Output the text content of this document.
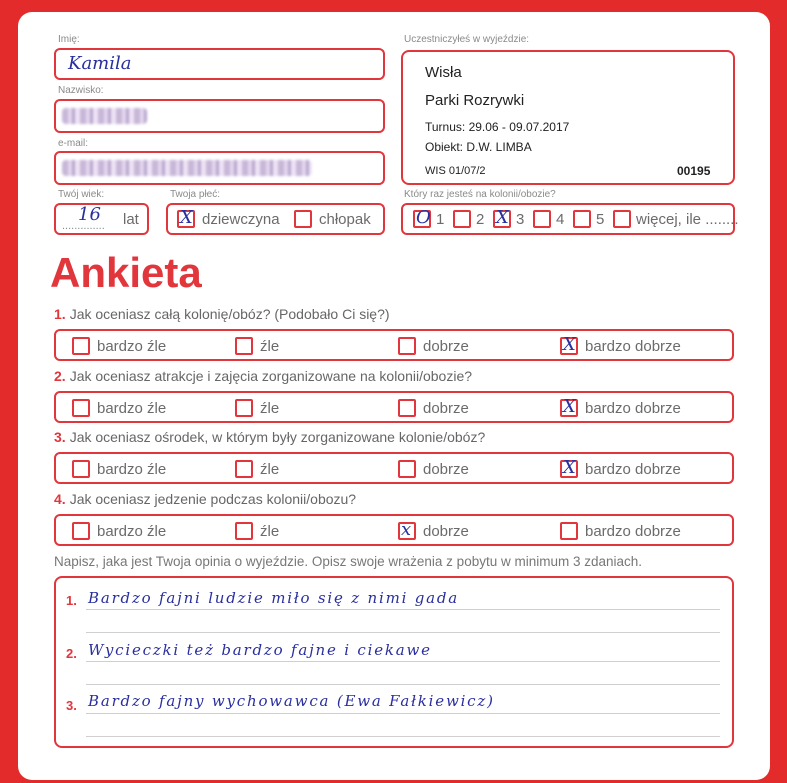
Imię:
Kamila
Nazwisko:
e-mail:
Twój wiek:
..............
16 lat
Twoja płeć:
X dziewczyna	chłopak
Uczestniczyłeś w wyjeździe:
Wisła
Parki Rozrywki
Turnus: 29.06 - 09.07.2017
Obiekt: D.W. LIMBA
WIS 01/07/2	00195
Który raz jesteś na kolonii/obozie?
O 1 2 X 3 4 5 więcej, ile ........
Ankieta
1. Jak oceniasz całą kolonię/obóz? (Podobało Ci się?)
bardzo źle	źle	dobrze	X bardzo dobrze
2. Jak oceniasz atrakcje i zajęcia zorganizowane na kolonii/obozie?
bardzo źle	źle	dobrze	X bardzo dobrze
3. Jak oceniasz ośrodek, w którym były zorganizowane kolonie/obóz?
bardzo źle	źle	dobrze	X bardzo dobrze
4. Jak oceniasz jedzenie podczas kolonii/obozu?
bardzo źle	źle	x dobrze	bardzo dobrze
Napisz, jaka jest Twoja opinia o wyjeździe. Opisz swoje wrażenia z pobytu w minimum 3 zdaniach.
1. Bardzo fajni ludzie miło się z nimi gada
2. Wycieczki też bardzo fajne i ciekawe
3. Bardzo fajny wychowawca (Ewa Fałkiewicz)
